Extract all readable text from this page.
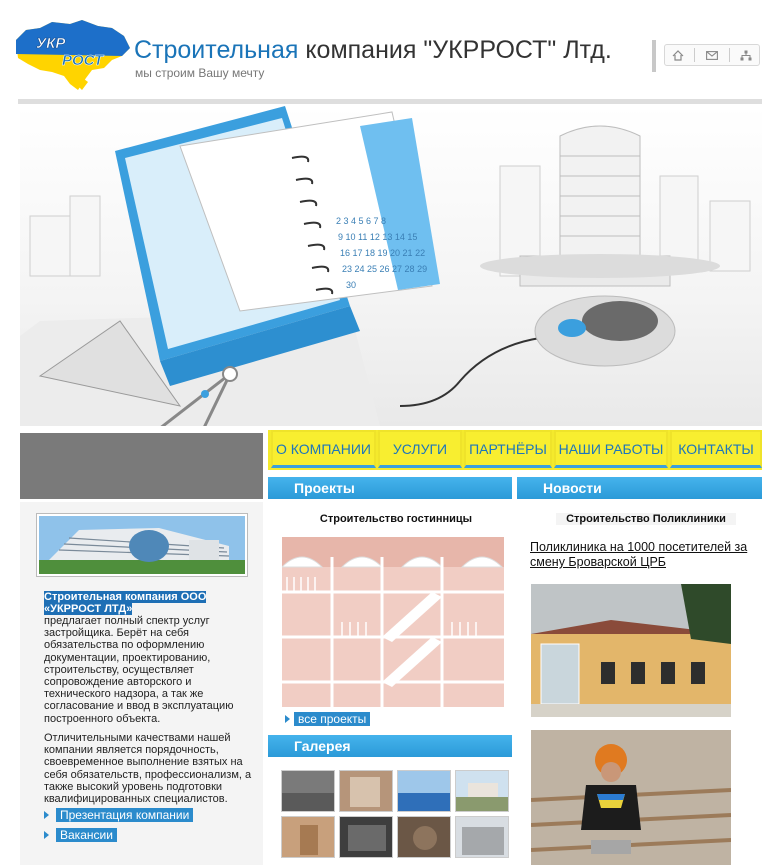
УКР
РОСТ Строительная компания "УКРРОСТ" Лтд.
мы строим Вашу мечту
2 3 4 5 6 7 8
9 10 11 12 13 14 15
16 17 18 19 20 21 22
23 24 25 26 27 28 29
30
О КОМПАНИИ	УСЛУГИ	ПАРТНЁРЫ НАШИ РАБОТЫ	КОНТАКТЫ
Проекты	Новости
Строительная компания ООО «УКРРОСТ ЛТД»
предлагает полный спектр услуг застройщика. Берёт на себя обязательства по оформлению документации, проектированию, строительству, осуществляет сопровождение авторского и технического надзора, а так же согласование и ввод в эксплуатацию построенного объекта.
Отличительными качествами нашей компании является порядочность, своевременное выполнение взятых на себя обязательств, профессионализм, а также высокий уровень подготовки квалифицированных специалистов.
Презентация компании
Вакансии
Строительство гостинницы
все проекты
Галерея
Строительство Поликлиники
Поликлиника на 1000 посетителей за смену Броварской ЦРБ
